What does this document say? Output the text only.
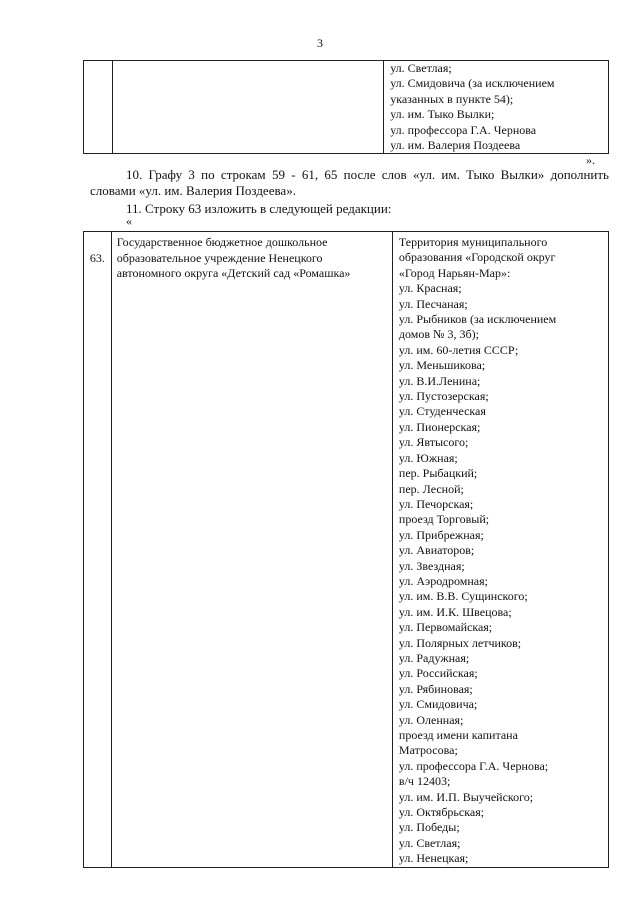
3

ул. Светлая;
ул. Смидовича (за исключением
указанных в пункте 54);
ул. им. Тыко Вылки;
ул. профессора Г.А. Чернова
ул. им. Валерия Поздеева
».
10. Графу 3 по строкам 59 - 61, 65 после слов «ул. им. Тыко Вылки» дополнить словами «ул. им. Валерия Поздеева».
11. Строку 63 изложить в следующей редакции:
«
63.	
Государственное бюджетное дошкольное
образовательное учреждение Ненецкого
автономного округа «Детский сад «Ромашка»

Территория муниципального
образования «Городской округ
«Город Нарьян-Мар»:
ул. Красная;
ул. Песчаная;
ул. Рыбников (за исключением
домов № 3, 3б);
ул. им. 60-летия СССР;
ул. Меньшикова;
ул. В.И.Ленина;
ул. Пустозерская;
ул. Студенческая
ул. Пионерская;
ул. Явтысого;
ул. Южная;
пер. Рыбацкий;
пер. Лесной;
ул. Печорская;
проезд Торговый;
ул. Прибрежная;
ул. Авиаторов;
ул. Звездная;
ул. Аэродромная;
ул. им. В.В. Сущинского;
ул. им. И.К. Швецова;
ул. Первомайская;
ул. Полярных летчиков;
ул. Радужная;
ул. Российская;
ул. Рябиновая;
ул. Смидовича;
ул. Оленная;
проезд имени капитана
Матросова;
ул. профессора Г.А. Чернова;
в/ч 12403;
ул. им. И.П. Выучейского;
ул. Октябрьская;
ул. Победы;
ул. Светлая;
ул. Ненецкая;
